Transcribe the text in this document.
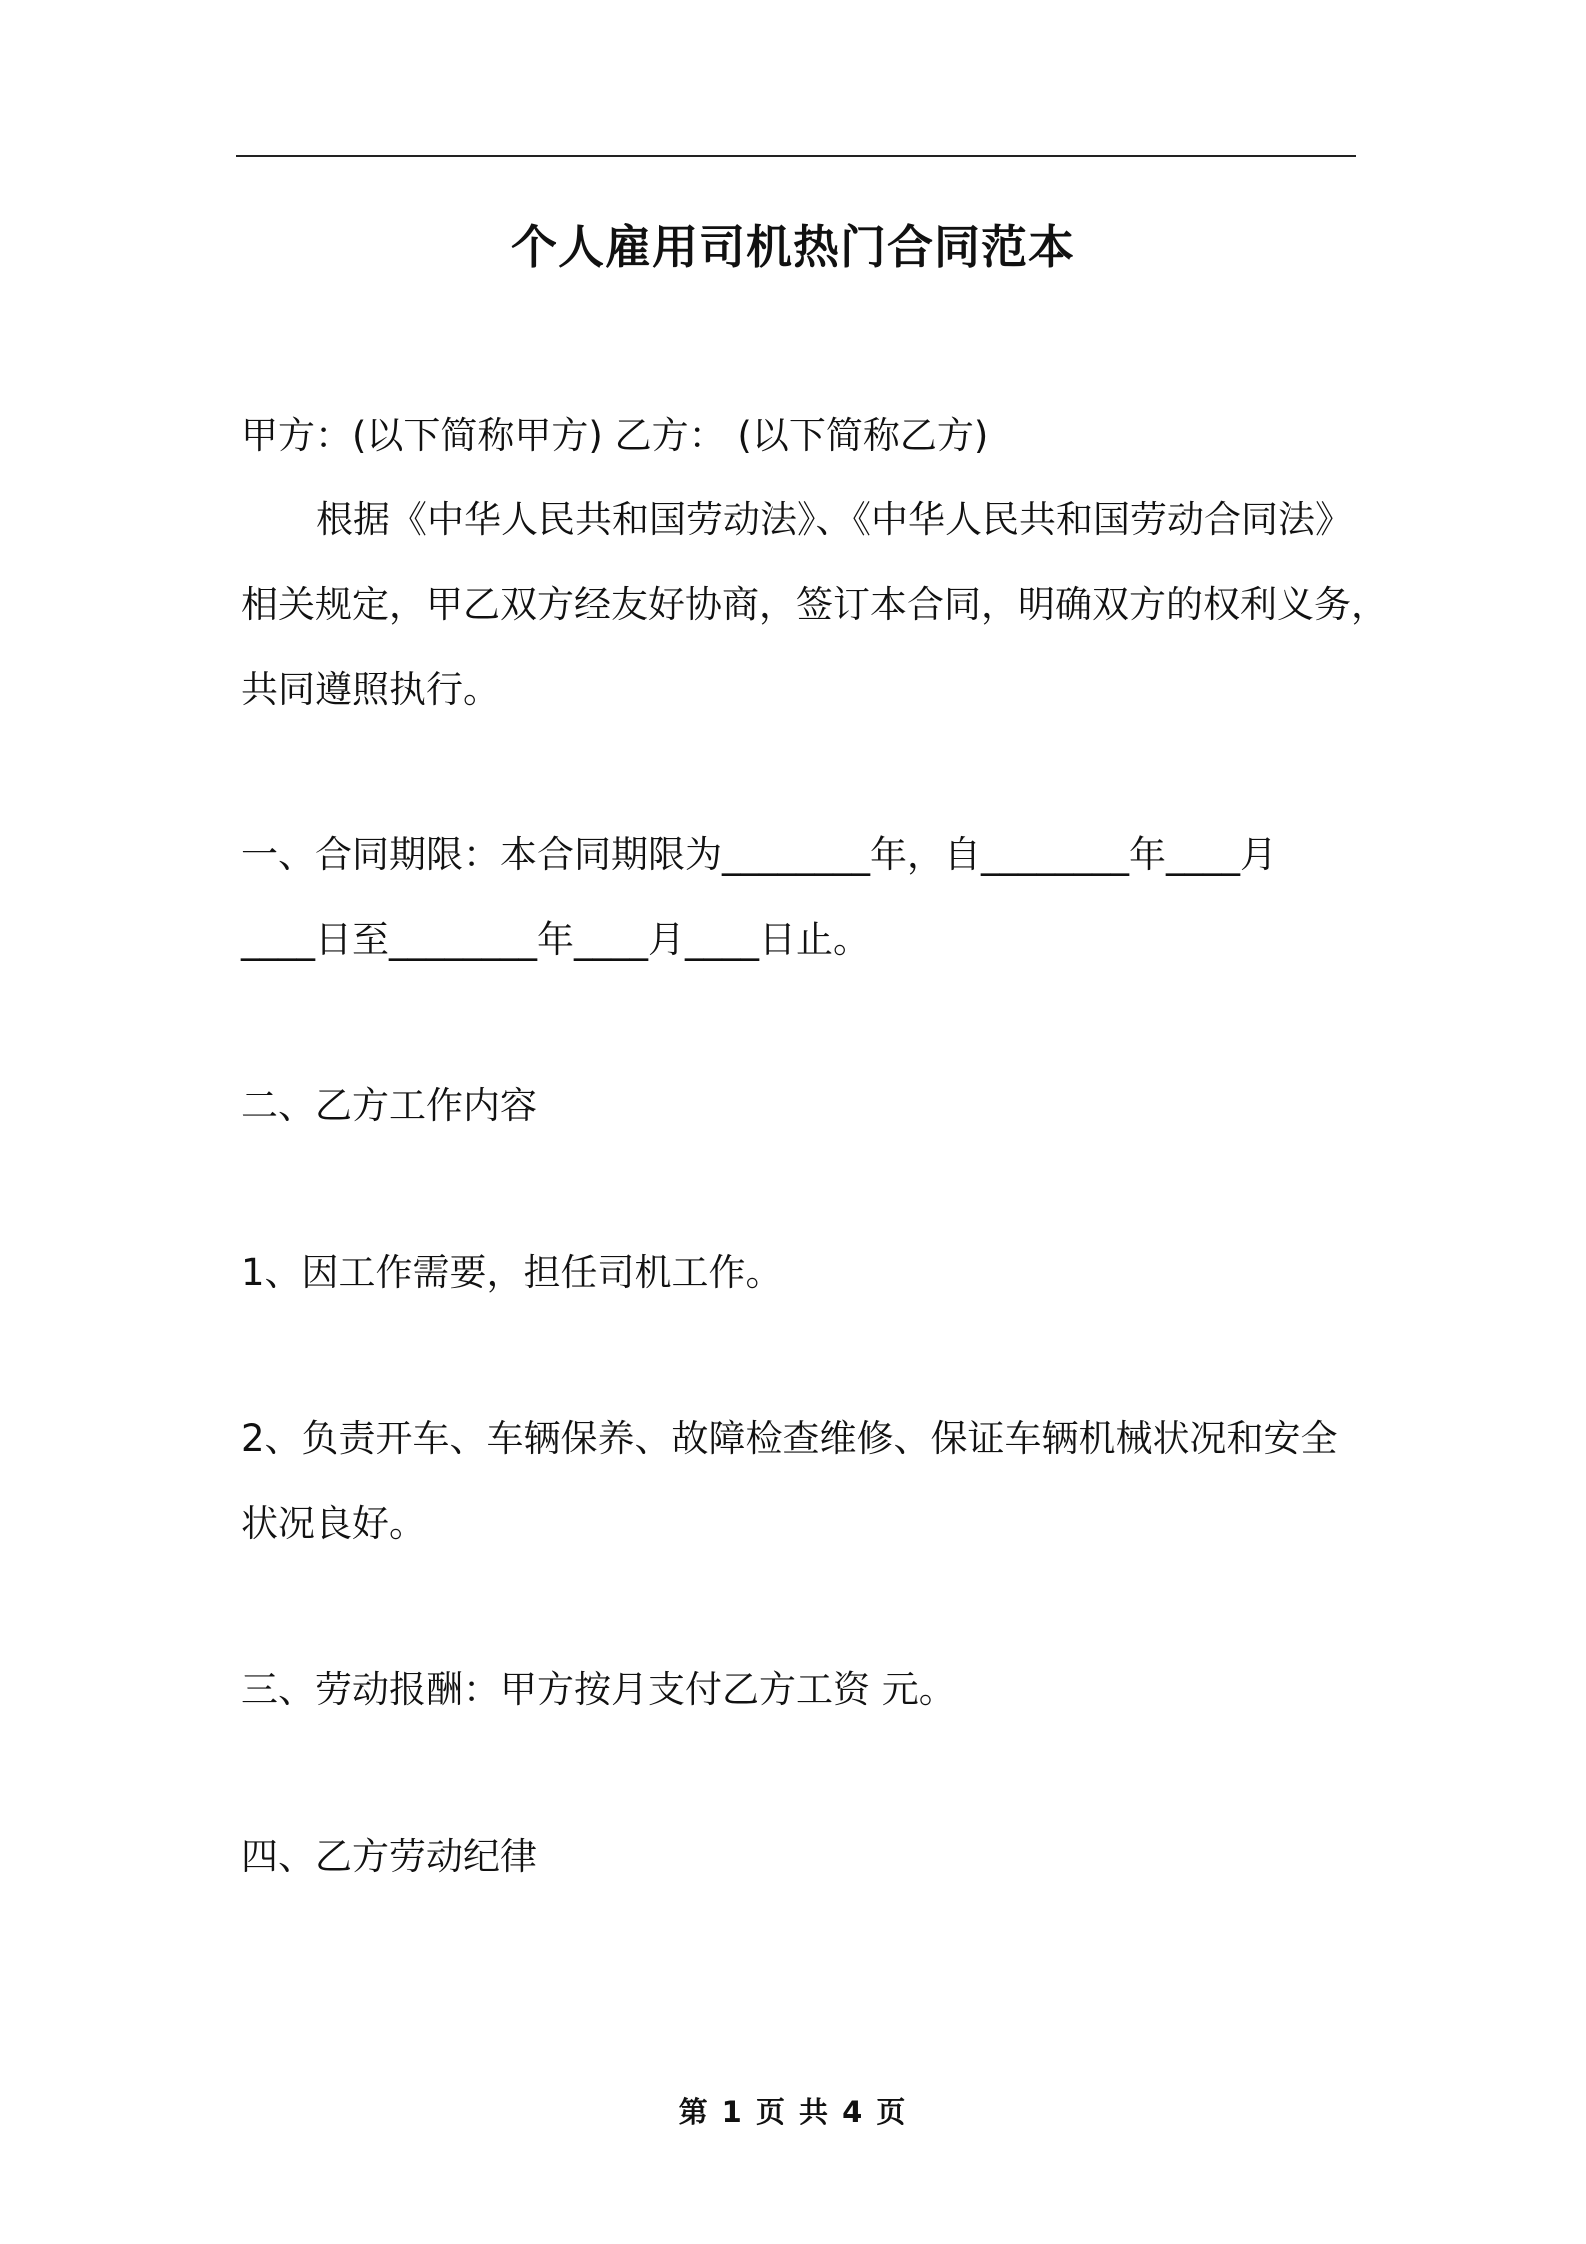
个人雇用司机热门合同范本
甲方：(以下简称甲方) 乙方： (以下简称乙方)
根据《中华人民共和国劳动法》、《中华人民共和国劳动合同法》
相关规定，甲乙双方经友好协商，签订本合同，明确双方的权利义务，
共同遵照执行。
一、合同期限：本合同期限为________年，自________年____月
____日至________年____月____日止。
二、乙方工作内容
1、因工作需要，担任司机工作。
2、负责开车、车辆保养、故障检查维修、保证车辆机械状况和安全
状况良好。
三、劳动报酬：甲方按月支付乙方工资 元。
四、乙方劳动纪律
第 1 页 共 4 页
